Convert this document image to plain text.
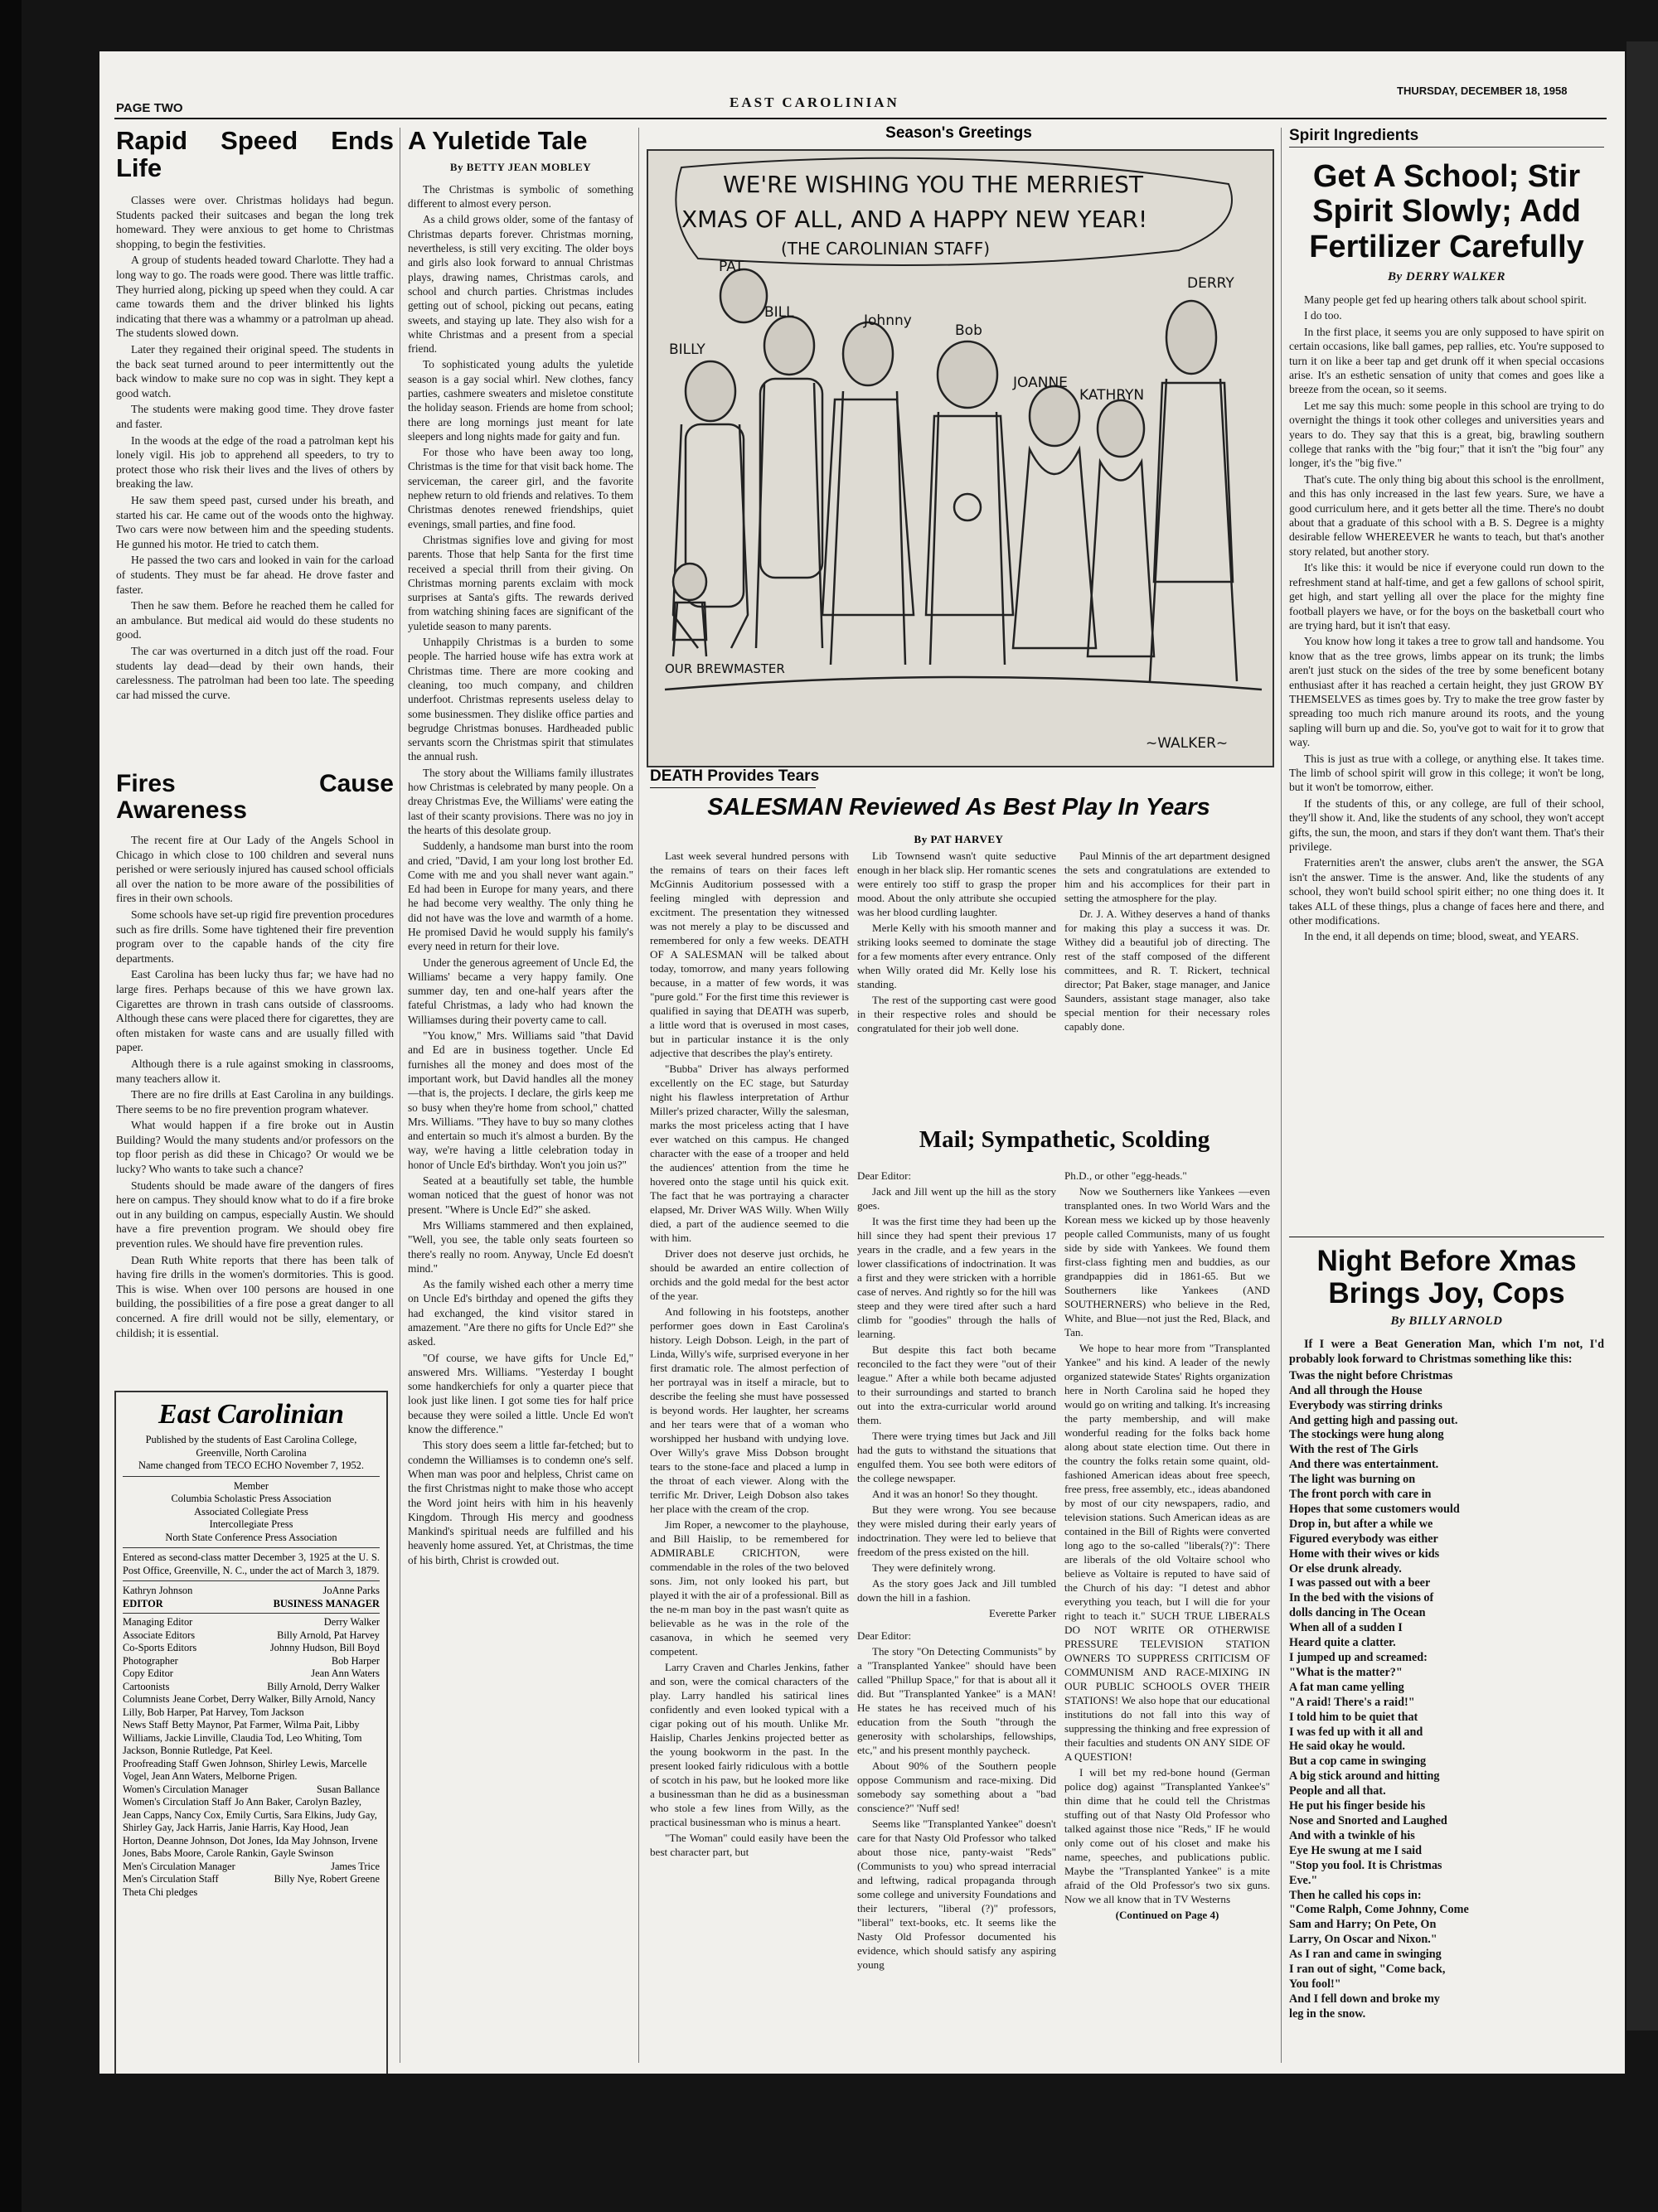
PAGE TWO	EAST CAROLINIAN
THURSDAY, DECEMBER 18, 1958
Rapid Speed Ends Life

Classes were over. Christmas holidays had begun. Students packed their suitcases and began the long trek homeward. They were anxious to get home to Christmas shopping, to begin the festivities.

A group of students headed toward Charlotte. They had a long way to go. The roads were good. There was little traffic. They hurried along, picking up speed when they could. A car came towards them and the driver blinked his lights indicating that there was a whammy or a patrolman up ahead. The students slowed down.

Later they regained their original speed. The students in the back seat turned around to peer intermittently out the back window to make sure no cop was in sight. They kept a good watch.

The students were making good time. They drove faster and faster.

In the woods at the edge of the road a patrolman kept his lonely vigil. His job to apprehend all speeders, to try to protect those who risk their lives and the lives of others by breaking the law.

He saw them speed past, cursed under his breath, and started his car. He came out of the woods onto the highway. Two cars were now between him and the speeding students. He gunned his motor. He tried to catch them.

He passed the two cars and looked in vain for the carload of students. They must be far ahead. He drove faster and faster.

Then he saw them. Before he reached them he called for an ambulance. But medical aid would do these students no good.

The car was overturned in a ditch just off the road. Four students lay dead—dead by their own hands, their carelessness. The patrolman had been too late. The speeding car had missed the curve.

Fires Cause Awareness

The recent fire at Our Lady of the Angels School in Chicago in which close to 100 children and several nuns perished or were seriously injured has caused school officials all over the nation to be more aware of the possibilities of fires in their own schools.

Some schools have set-up rigid fire prevention procedures such as fire drills. Some have tightened their fire prevention program over to the capable hands of the city fire departments.

East Carolina has been lucky thus far; we have had no large fires. Perhaps because of this we have grown lax. Cigarettes are thrown in trash cans outside of classrooms. Although these cans were placed there for cigarettes, they are often mistaken for waste cans and are usually filled with paper.

Although there is a rule against smoking in classrooms, many teachers allow it.

There are no fire drills at East Carolina in any buildings. There seems to be no fire prevention program whatever.

What would happen if a fire broke out in Austin Building? Would the many students and/or professors on the top floor perish as did these in Chicago? Or would we be lucky? Who wants to take such a chance?

Students should be made aware of the dangers of fires here on campus. They should know what to do if a fire broke out in any building on campus, especially Austin. We should have a fire prevention program. We should obey fire prevention rules. We should have fire prevention rules.

Dean Ruth White reports that there has been talk of having fire drills in the women's dormitories. This is good. This is wise. When over 100 persons are housed in one building, the possibilities of a fire pose a great danger to all concerned. A fire drill would not be silly, elementary, or childish; it is essential.

East Carolinian
Published by the students of East Carolina College,
Greenville, North Carolina
Name changed from TECO ECHO November 7, 1952.
Member
Columbia Scholastic Press Association
Associated Collegiate Press
Intercollegiate Press
North State Conference Press Association
Entered as second-class matter December 3, 1925 at the U. S. Post Office, Greenville, N. C., under the act of March 3, 1879.
Kathryn Johnson	JoAnne Parks
EDITOR	BUSINESS MANAGER
Managing Editor	Derry Walker
Associate Editors	Billy Arnold, Pat Harvey
Co-Sports Editors	Johnny Hudson, Bill Boyd
Photographer	Bob Harper
Copy Editor	Jean Ann Waters
Cartoonists	Billy Arnold, Derry Walker
Columnists Jeane Corbet, Derry Walker, Billy Arnold, Nancy Lilly, Bob Harper, Pat Harvey, Tom Jackson
News Staff Betty Maynor, Pat Farmer, Wilma Pait, Libby Williams, Jackie Linville, Claudia Tod, Leo Whiting, Tom Jackson, Bonnie Rutledge, Pat Keel.
Proofreading Staff Gwen Johnson, Shirley Lewis, Marcelle Vogel, Jean Ann Waters, Melborne Prigen.
Women's Circulation Manager	Susan Ballance
Women's Circulation Staff Jo Ann Baker, Carolyn Bazley, Jean Capps, Nancy Cox, Emily Curtis, Sara Elkins, Judy Gay, Shirley Gay, Jack Harris, Janie Harris, Kay Hood, Jean Horton, Deanne Johnson, Dot Jones, Ida May Johnson, Irvene Jones, Babs Moore, Carole Rankin, Gayle Swinson
Men's Circulation Manager	James Trice
Men's Circulation Staff	Billy Nye, Robert Greene
Theta Chi pledges
A Yuletide Tale
By BETTY JEAN MOBLEY

The Christmas is symbolic of something different to almost every person.

As a child grows older, some of the fantasy of Christmas departs forever. Christmas morning, nevertheless, is still very exciting. The older boys and girls also look forward to annual Christmas plays, drawing names, Christmas carols, and school and church parties. Christmas includes getting out of school, picking out pecans, eating sweets, and staying up late. They also wish for a white Christmas and a present from a special friend.

To sophisticated young adults the yuletide season is a gay social whirl. New clothes, fancy parties, cashmere sweaters and misletoe constitute the holiday season. Friends are home from school; there are long mornings just meant for late sleepers and long nights made for gaity and fun.

For those who have been away too long, Christmas is the time for that visit back home. The serviceman, the career girl, and the favorite nephew return to old friends and relatives. To them Christmas denotes renewed friendships, quiet evenings, small parties, and fine food.

Christmas signifies love and giving for most parents. Those that help Santa for the first time received a special thrill from their giving. On Christmas morning parents exclaim with mock surprises at Santa's gifts. The rewards derived from watching shining faces are significant of the yuletide season to many parents.

Unhappily Christmas is a burden to some people. The harried house wife has extra work at Christmas time. There are more cooking and cleaning, too much company, and children underfoot. Christmas represents useless delay to some businessmen. They dislike office parties and begrudge Christmas bonuses. Hardheaded public servants scorn the Christmas spirit that stimulates the annual rush.

The story about the Williams family illustrates how Christmas is celebrated by many people. On a dreay Christmas Eve, the Williams' were eating the last of their scanty provisions. There was no joy in the hearts of this desolate group.

Suddenly, a handsome man burst into the room and cried, "David, I am your long lost brother Ed. Come with me and you shall never want again." Ed had been in Europe for many years, and there he had become very wealthy. The only thing he did not have was the love and warmth of a home. He promised David he would supply his family's every need in return for their love.

Under the generous agreement of Uncle Ed, the Williams' became a very happy family. One summer day, ten and one-half years after the fateful Christmas, a lady who had known the Williamses during their poverty came to call.

"You know," Mrs. Williams said "that David and Ed are in business together. Uncle Ed furnishes all the money and does most of the important work, but David handles all the money—that is, the projects. I declare, the girls keep me so busy when they're home from school," chatted Mrs. Williams. "They have to buy so many clothes and entertain so much it's almost a burden. By the way, we're having a little celebration today in honor of Uncle Ed's birthday. Won't you join us?"

Seated at a beautifully set table, the humble woman noticed that the guest of honor was not present. "Where is Uncle Ed?" she asked.

Mrs Williams stammered and then explained, "Well, you see, the table only seats fourteen so there's really no room. Anyway, Uncle Ed doesn't mind."

As the family wished each other a merry time on Uncle Ed's birthday and opened the gifts they had exchanged, the kind visitor stared in amazement. "Are there no gifts for Uncle Ed?" she asked.

"Of course, we have gifts for Uncle Ed," answered Mrs. Williams. "Yesterday I bought some handkerchiefs for only a quarter piece that look just like linen. I got some ties for half price because they were soiled a little. Uncle Ed won't know the difference."

This story does seem a little far-fetched; but to condemn the Williamses is to condemn one's self. When man was poor and helpless, Christ came on the first Christmas night to make those who accept the Word joint heirs with him in his heavenly Kingdom. Through His mercy and goodness Mankind's spiritual needs are fulfilled and his heavenly home assured. Yet, at Christmas, the time of his birth, Christ is crowded out.

Season's Greetings
WE'RE WISHING YOU THE MERRIEST
XMAS OF ALL, AND A HAPPY NEW YEAR!
(THE CAROLINIAN STAFF)
PAT
BILL
BILLY
Johnny
Bob
JOANNE
KATHRYN
DERRY
OUR BREWMASTER
~WALKER~
DEATH Provides Tears
SALESMAN Reviewed As Best Play In Years
By PAT HARVEY

Last week several hundred persons with the remains of tears on their faces left McGinnis Auditorium possessed with a feeling mingled with depression and excitment. The presentation they witnessed was not merely a play to be discussed and remembered for only a few weeks. DEATH OF A SALESMAN will be talked about today, tomorrow, and many years following because, in a matter of few words, it was "pure gold." For the first time this reviewer is qualified in saying that DEATH was superb, a little word that is overused in most cases, but in particular instance it is the only adjective that describes the play's entirety.

"Bubba" Driver has always performed excellently on the EC stage, but Saturday night his flawless interpretation of Arthur Miller's prized character, Willy the salesman, marks the most priceless acting that I have ever watched on this campus. He changed character with the ease of a trooper and held the audiences' attention from the time he hovered onto the stage until his quick exit. The fact that he was portraying a character elapsed, Mr. Driver WAS Willy. When Willy died, a part of the audience seemed to die with him.

Driver does not deserve just orchids, he should be awarded an entire collection of orchids and the gold medal for the best actor of the year.

And following in his footsteps, another performer goes down in East Carolina's history. Leigh Dobson. Leigh, in the part of Linda, Willy's wife, surprised everyone in her first dramatic role. The almost perfection of her portrayal was in itself a miracle, but to describe the feeling she must have possessed is beyond words. Her laughter, her screams and her tears were that of a woman who worshipped her husband with undying love. Over Willy's grave Miss Dobson brought tears to the stone-face and placed a lump in the throat of each viewer. Along with the terrific Mr. Driver, Leigh Dobson also takes her place with the cream of the crop.

Jim Roper, a newcomer to the playhouse, and Bill Haislip, to be remembered for ADMIRABLE CRICHTON, were commendable in the roles of the two beloved sons. Jim, not only looked his part, but played it with the air of a professional. Bill as the ne-m man boy in the past wasn't quite as believable as he was in the role of the casanova, in which he seemed very competent.

Larry Craven and Charles Jenkins, father and son, were the comical characters of the play. Larry handled his satirical lines confidently and even looked typical with a cigar poking out of his mouth. Unlike Mr. Haislip, Charles Jenkins projected better as the young bookworm in the past. In the present looked fairly ridiculous with a bottle of scotch in his paw, but he looked more like a businessman than he did as a businessman who stole a few lines from Willy, as the practical businessman who is minus a heart.

"The Woman" could easily have been the best character part, but

Lib Townsend wasn't quite seductive enough in her black slip. Her romantic scenes were entirely too stiff to grasp the proper mood. About the only attribute she occupied was her blood curdling laughter.

Merle Kelly with his smooth manner and striking looks seemed to dominate the stage for a few moments after every entrance. Only when Willy orated did Mr. Kelly lose his standing.

The rest of the supporting cast were good in their respective roles and should be congratulated for their job well done.

Paul Minnis of the art department designed the sets and congratulations are extended to him and his accomplices for their part in setting the atmosphere for the play.

Dr. J. A. Withey deserves a hand of thanks for making this play a success it was. Dr. Withey did a beautiful job of directing. The rest of the staff composed of the different committees, and R. T. Rickert, technical director; Pat Baker, stage manager, and Janice Saunders, assistant stage manager, also take special mention for their necessary roles capably done.

Mail; Sympathetic, Scolding

Dear Editor:

Jack and Jill went up the hill as the story goes.

It was the first time they had been up the hill since they had spent their previous 17 years in the cradle, and a few years in the lower classifications of indoctrination. It was a first and they were stricken with a horrible case of nerves. And rightly so for the hill was steep and they were tired after such a hard climb for "goodies" through the halls of learning.

But despite this fact both became reconciled to the fact they were "out of their league." After a while both became adjusted to their surroundings and started to branch out into the extra-curricular world around them.

There were trying times but Jack and Jill had the guts to withstand the situations that engulfed them. You see both were editors of the college newspaper.

And it was an honor! So they thought.

But they were wrong. You see because they were misled during their early years of indoctrination. They were led to believe that freedom of the press existed on the hill.

They were definitely wrong.

As the story goes Jack and Jill tumbled down the hill in a fashion.

Everette Parker

Dear Editor:

The story "On Detecting Communists" by a "Transplanted Yankee" should have been called "Phillup Space," for that is about all it did. But "Transplanted Yankee" is a MAN! He states he has received much of his education from the South "through the generosity with scholarships, fellowships, etc," and his present monthly paycheck.

About 90% of the Southern people oppose Communism and race-mixing. Did somebody say something about a "bad conscience?" 'Nuff sed!

Seems like "Transplanted Yankee" doesn't care for that Nasty Old Professor who talked about those nice, panty-waist "Reds" (Communists to you) who spread interracial and leftwing, radical propaganda through some college and university Foundations and their lecturers, "liberal (?)" professors, "liberal" text-books, etc. It seems like the Nasty Old Professor documented his evidence, which should satisfy any aspiring young

Ph.D., or other "egg-heads."

Now we Southerners like Yankees —even transplanted ones. In two World Wars and the Korean mess we kicked up by those heavenly people called Communists, many of us fought side by side with Yankees. We found them first-class fighting men and buddies, as our grandpappies did in 1861-65. But we Southerners like Yankees (AND SOUTHERNERS) who believe in the Red, White, and Blue—not just the Red, Black, and Tan.

We hope to hear more from "Transplanted Yankee" and his kind. A leader of the newly organized statewide States' Rights organization here in North Carolina said he hoped they would go on writing and talking. It's increasing the party membership, and will make wonderful reading for the folks back home along about state election time. Out there in the country the folks retain some quaint, old-fashioned American ideas about free speech, free press, free assembly, etc., ideas abandoned by most of our city newspapers, radio, and television stations. Such American ideas as are contained in the Bill of Rights were converted long ago to the so-called "liberals(?)": There are liberals of the old Voltaire school who believe as Voltaire is reputed to have said of the Church of his day: "I detest and abhor everything you teach, but I will die for your right to teach it." SUCH TRUE LIBERALS DO NOT WRITE OR OTHERWISE PRESSURE TELEVISION STATION OWNERS TO SUPPRESS CRITICISM OF COMMUNISM AND RACE-MIXING IN OUR PUBLIC SCHOOLS OVER THEIR STATIONS! We also hope that our educational institutions do not fall into this way of suppressing the thinking and free expression of their faculties and students ON ANY SIDE OF A QUESTION!

I will bet my red-bone hound (German police dog) against "Transplanted Yankee's" thin dime that he could tell the Christmas stuffing out of that Nasty Old Professor who talked against those nice "Reds," IF he would only come out of his closet and make his name, speeches, and publications public. Maybe the "Transplanted Yankee" is a mite afraid of the Old Professor's two six guns. Now we all know that in TV Westerns

(Continued on Page 4)

Spirit Ingredients
Get A School; Stir Spirit Slowly; Add Fertilizer Carefully
By DERRY WALKER

Many people get fed up hearing others talk about school spirit.

I do too.

In the first place, it seems you are only supposed to have spirit on certain occasions, like ball games, pep rallies, etc. You're supposed to turn it on like a beer tap and get drunk off it when special occasions arise. It's an esthetic sensation of unity that comes and goes like a breeze from the ocean, so it seems.

Let me say this much: some people in this school are trying to do overnight the things it took other colleges and universities years and years to do. They say that this is a great, big, brawling southern college that ranks with the "big four;" that it isn't the "big four" any longer, it's the "big five."

That's cute. The only thing big about this school is the enrollment, and this has only increased in the last few years. Sure, we have a good curriculum here, and it gets better all the time. There's no doubt about that a graduate of this school with a B. S. Degree is a mighty desirable fellow WHEREEVER he wants to teach, but that's another story related, but another story.

It's like this: it would be nice if everyone could run down to the refreshment stand at half-time, and get a few gallons of school spirit, get high, and start yelling all over the place for the mighty fine football players we have, or for the boys on the basketball court who are trying hard, but it isn't that easy.

You know how long it takes a tree to grow tall and handsome. You know that as the tree grows, limbs appear on its trunk; the limbs aren't just stuck on the sides of the tree by some beneficent botany enthusiast after it has reached a certain height, they just GROW BY THEMSELVES as times goes by. Try to make the tree grow faster by spreading too much rich manure around its roots, and the young sapling will burn up and die. So, you've got to wait for it to grow that way.

This is just as true with a college, or anything else. It takes time. The limb of school spirit will grow in this college; it won't be long, but it won't be tomorrow, either.

If the students of this, or any college, are full of their school, they'll show it. And, like the students of any school, they won't accept gifts, the sun, the moon, and stars if they don't want them. That's their privilege.

Fraternities aren't the answer, clubs aren't the answer, the SGA isn't the answer. Time is the answer. And, like the students of any school, they won't build school spirit either; no one thing does it. It takes ALL of these things, plus a change of faces here and there, and other modifications.

In the end, it all depends on time; blood, sweat, and YEARS.

Night Before Xmas Brings Joy, Cops
By BILLY ARNOLD

If I were a Beat Generation Man, which I'm not, I'd probably look forward to Christmas something like this:

Twas the night before Christmas

And all through the House

Everybody was stirring drinks

And getting high and passing out.

The stockings were hung along

With the rest of The Girls

And there was entertainment.

The light was burning on

The front porch with care in

Hopes that some customers would

Drop in, but after a while we

Figured everybody was either

Home with their wives or kids

Or else drunk already.

I was passed out with a beer

In the bed with the visions of

dolls dancing in The Ocean

When all of a sudden I

Heard quite a clatter.

I jumped up and screamed:

"What is the matter?"

A fat man came yelling

"A raid! There's a raid!"

I told him to be quiet that

I was fed up with it all and

He said okay he would.

But a cop came in swinging

A big stick around and hitting

People and all that.

He put his finger beside his

Nose and Snorted and Laughed

And with a twinkle of his

Eye He swung at me I said

"Stop you fool. It is Christmas

Eve."

Then he called his cops in:

"Come Ralph, Come Johnny, Come

Sam and Harry; On Pete, On

Larry, On Oscar and Nixon."

As I ran and came in swinging

I ran out of sight, "Come back,

You fool!"

And I fell down and broke my

leg in the snow.
